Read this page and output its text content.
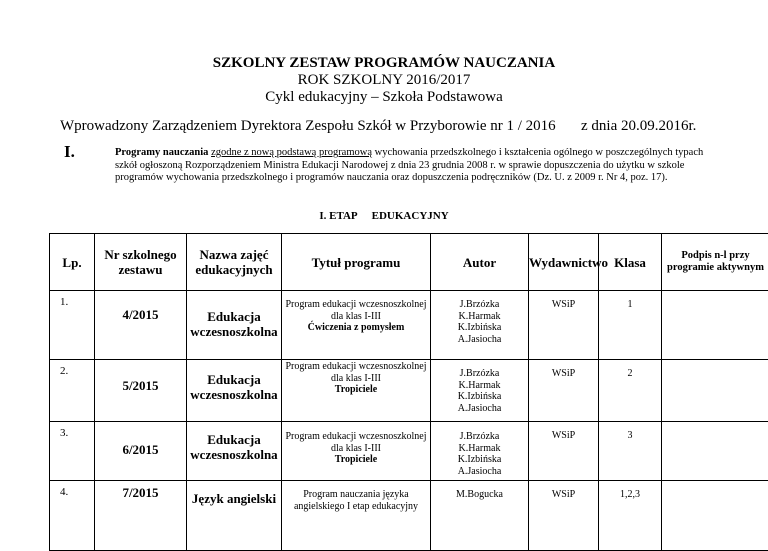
SZKOLNY ZESTAW PROGRAMÓW NAUCZANIA
ROK SZKOLNY 2016/2017
Cykl edukacyjny – Szkoła Podstawowa
Wprowadzony Zarządzeniem Dyrektora Zespołu Szkół w Przyborowie nr 1 / 2016 z dnia 20.09.2016r.
I.	Programy nauczania zgodne z nową podstawą programową wychowania przedszkolnego i kształcenia ogólnego w poszczególnych typach szkół ogłoszoną Rozporządzeniem Ministra Edukacji Narodowej z dnia 23 grudnia 2008 r. w sprawie dopuszczenia do użytku w szkole programów wychowania przedszkolnego i programów nauczania oraz dopuszczenia podręczników (Dz. U. z 2009 r. Nr 4, poz. 17).
I. ETAP EDUKACYJNY
Lp.	Nr szkolnego zestawu	Nazwa zajęć edukacyjnych	Tytuł programu	Autor	Wydawnictwo	Klasa	Podpis n-l przy programie aktywnym

1.	4/2015	Edukacja wczesnoszkolna	Program edukacji wczesnoszkolnej dla klas I-III
Ćwiczenia z pomysłem	J.Brzózka
K.Harmak
K.Izbińska
A.Jasiocha	WSiP	1	

2.	5/2015	Edukacja wczesnoszkolna	Program edukacji wczesnoszkolnej dla klas I-III
Tropiciele	J.Brzózka
K.Harmak
K.Izbińska
A.Jasiocha	WSiP	2	

3.	6/2015	Edukacja wczesnoszkolna	Program edukacji wczesnoszkolnej dla klas I-III
Tropiciele	J.Brzózka
K.Harmak
K.Izbińska
A.Jasiocha	WSiP	3	

4.	7/2015	Język angielski	Program nauczania języka angielskiego I etap edukacyjny	M.Bogucka	WSiP	1,2,3	
